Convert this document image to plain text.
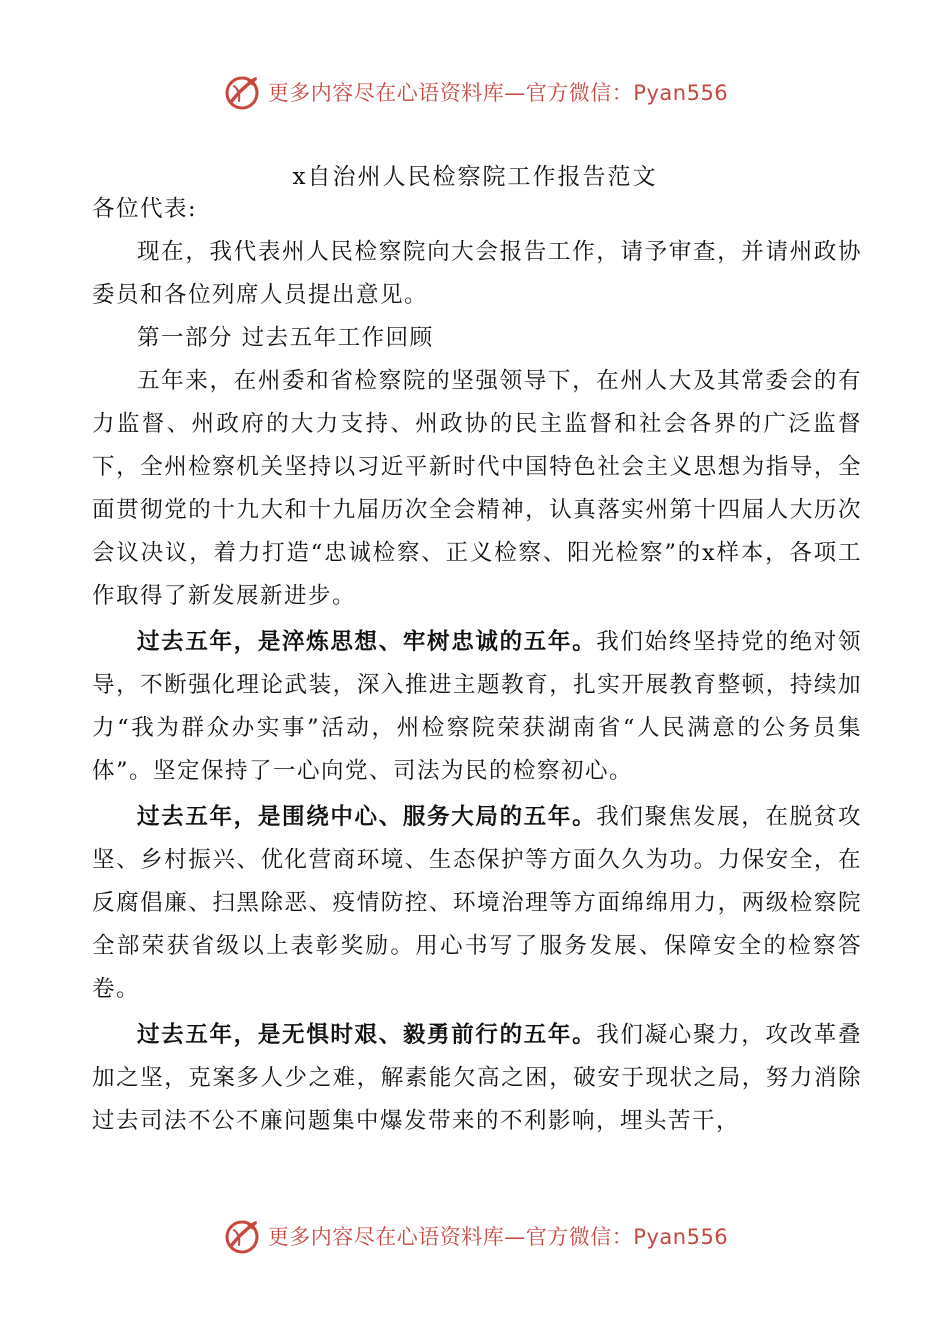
更多内容尽在心语资料库—官方微信：Pyan556
x自治州人民检察院工作报告范文

各位代表:

现在，我代表州人民检察院向大会报告工作，请予审查，并请州政协委员和各位列席人员提出意见。

第一部分 过去五年工作回顾

五年来，在州委和省检察院的坚强领导下，在州人大及其常委会的有力监督、州政府的大力支持、州政协的民主监督和社会各界的广泛监督下，全州检察机关坚持以习近平新时代中国特色社会主义思想为指导，全面贯彻党的十九大和十九届历次全会精神，认真落实州第十四届人大历次会议决议，着力打造“忠诚检察、正义检察、阳光检察”的x样本，各项工作取得了新发展新进步。

过去五年，是淬炼思想、牢树忠诚的五年。我们始终坚持党的绝对领导，不断强化理论武装，深入推进主题教育，扎实开展教育整顿，持续加力“我为群众办实事”活动，州检察院荣获湖南省“人民满意的公务员集体”。坚定保持了一心向党、司法为民的检察初心。

过去五年，是围绕中心、服务大局的五年。我们聚焦发展，在脱贫攻坚、乡村振兴、优化营商环境、生态保护等方面久久为功。力保安全，在反腐倡廉、扫黑除恶、疫情防控、环境治理等方面绵绵用力，两级检察院全部荣获省级以上表彰奖励。用心书写了服务发展、保障安全的检察答卷。

过去五年，是无惧时艰、毅勇前行的五年。我们凝心聚力，攻改革叠加之坚，克案多人少之难，解素能欠高之困，破安于现状之局，努力消除过去司法不公不廉问题集中爆发带来的不利影响，埋头苦干，

更多内容尽在心语资料库—官方微信：Pyan556
